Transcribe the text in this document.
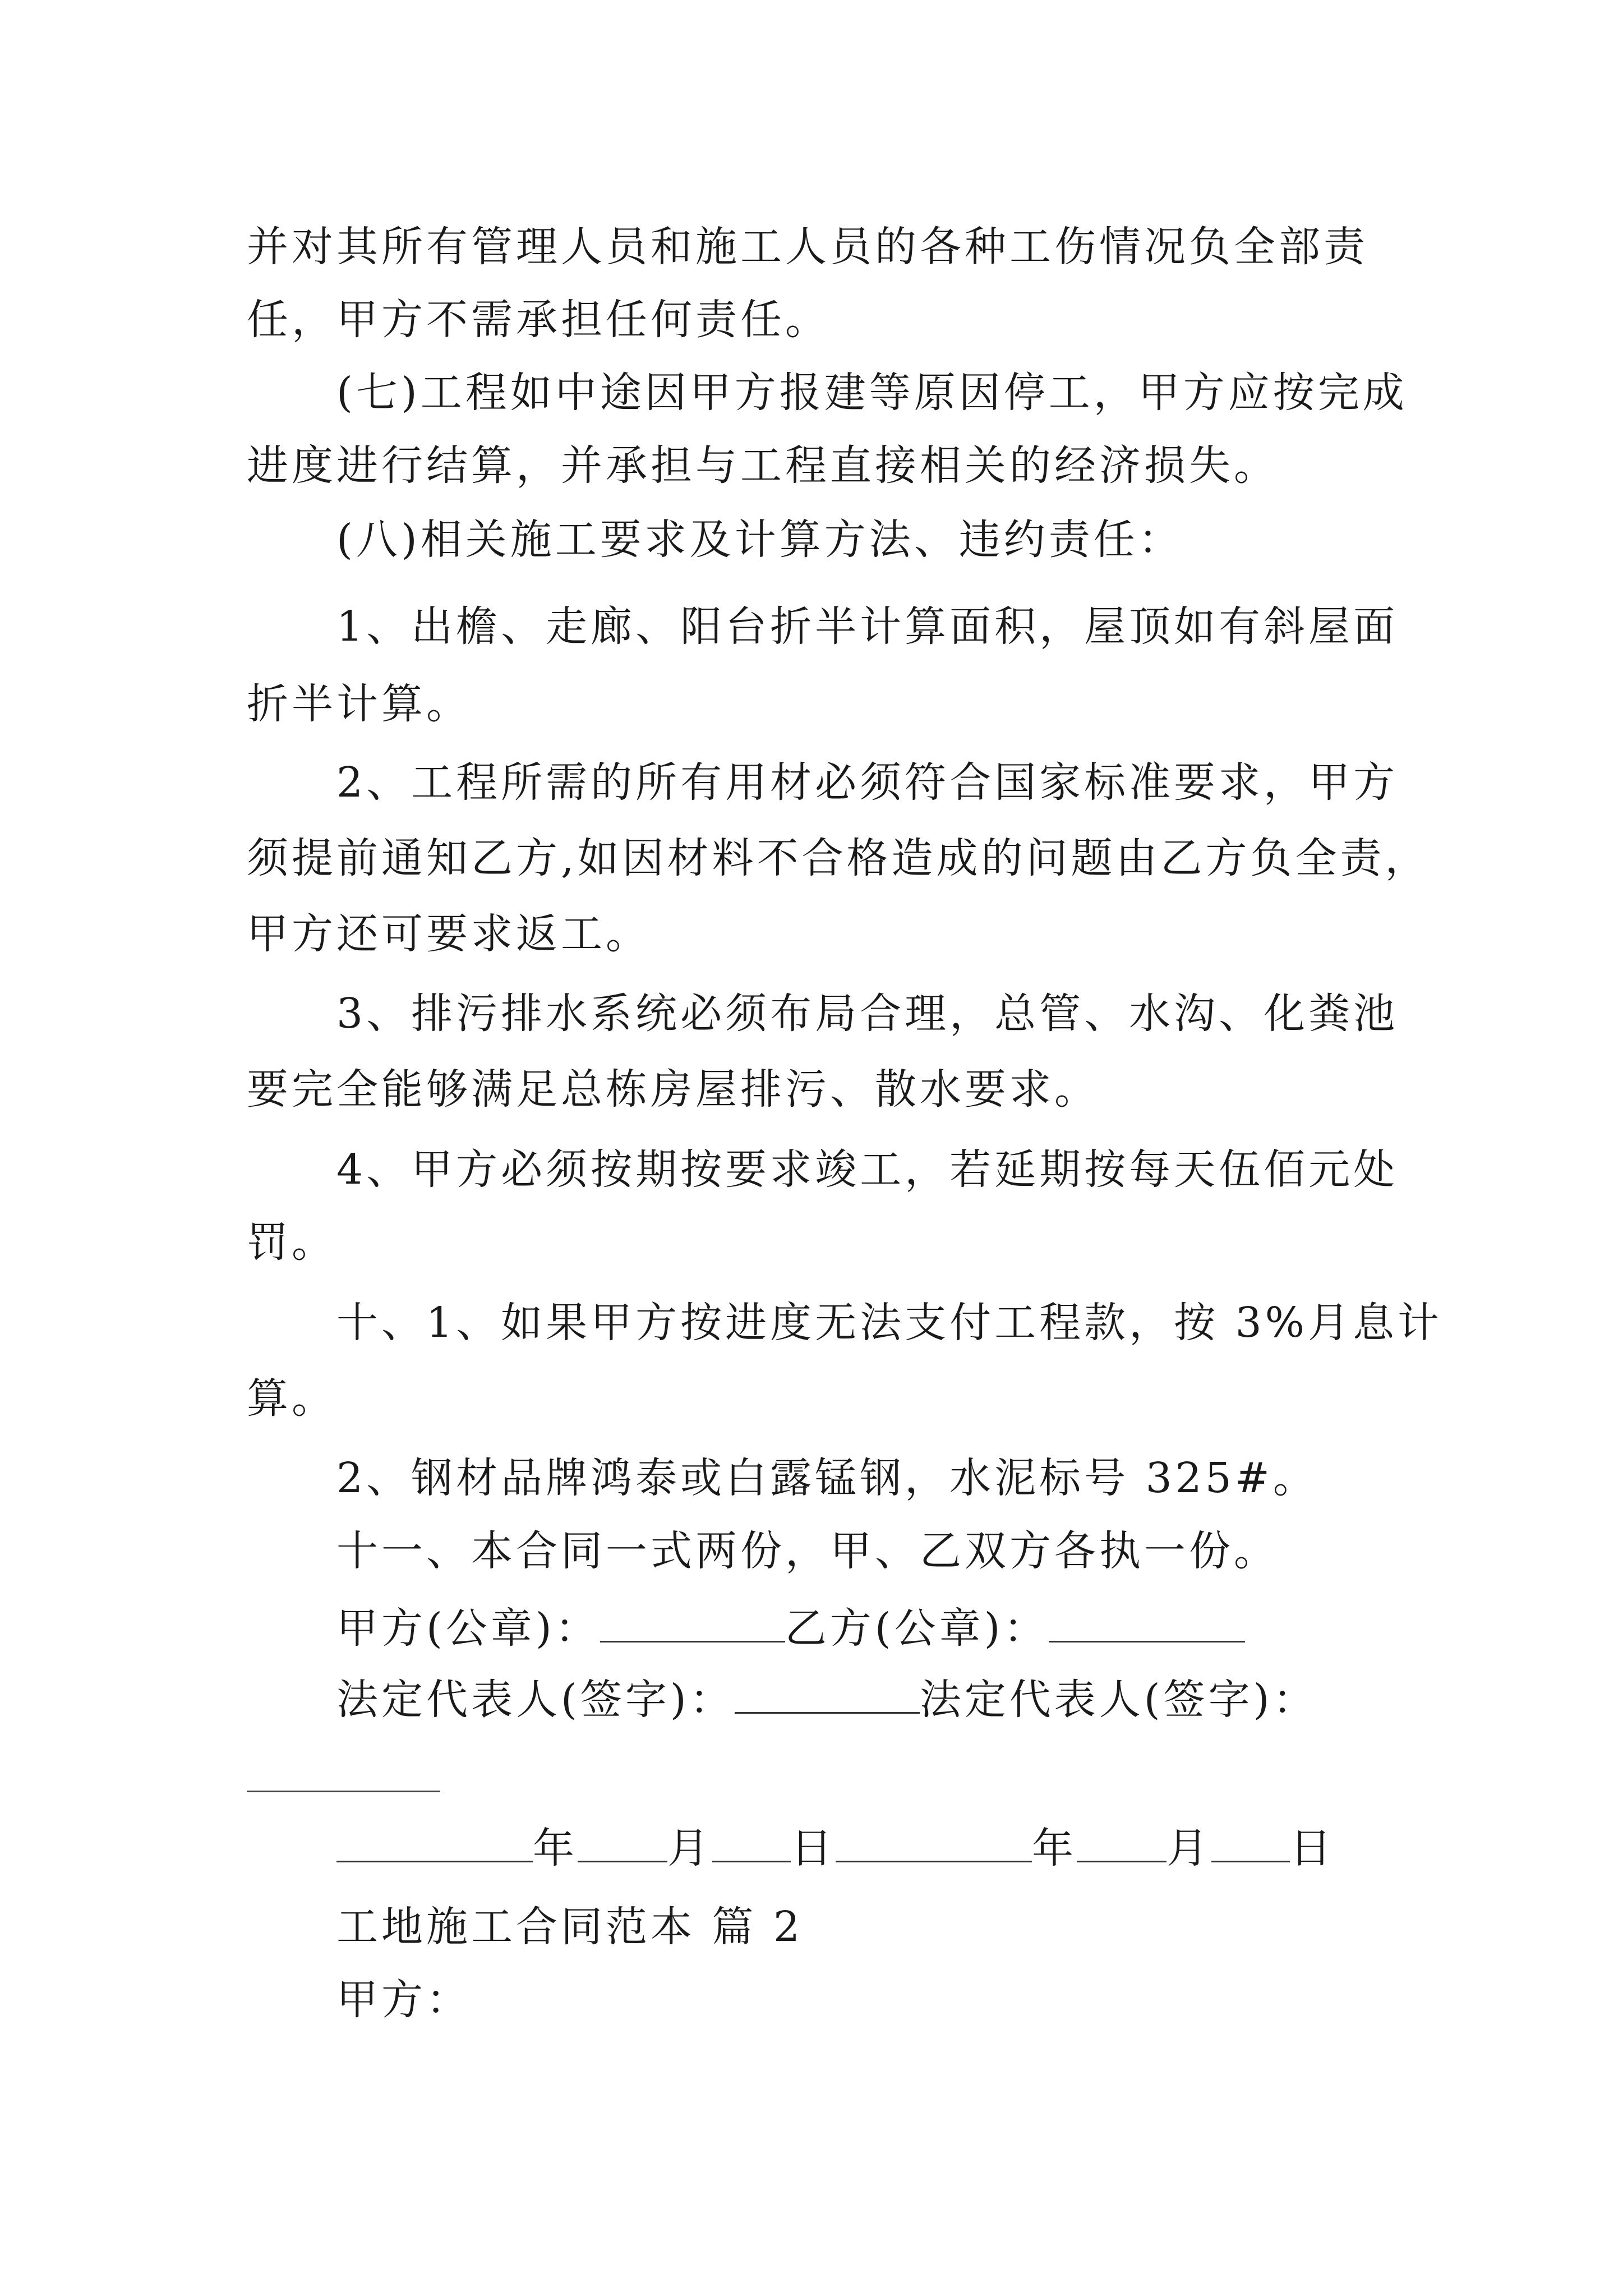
并对其所有管理人员和施工人员的各种工伤情况负全部责
任，甲方不需承担任何责任。
(七)工程如中途因甲方报建等原因停工，甲方应按完成
进度进行结算，并承担与工程直接相关的经济损失。
(八)相关施工要求及计算方法、违约责任：
1、出檐、走廊、阳台折半计算面积，屋顶如有斜屋面
折半计算。
2、工程所需的所有用材必须符合国家标准要求，甲方
须提前通知乙方,如因材料不合格造成的问题由乙方负全责，
甲方还可要求返工。
3、排污排水系统必须布局合理，总管、水沟、化粪池
要完全能够满足总栋房屋排污、散水要求。
4、甲方必须按期按要求竣工，若延期按每天伍佰元处
罚。
十、1、如果甲方按进度无法支付工程款，按 3%月息计
算。
2、钢材品牌鸿泰或白露锰钢，水泥标号 325#。
十一、本合同一式两份，甲、乙双方各执一份。
甲方(公章)：	乙方(公章)：
法定代表人(签字)：	法定代表人(签字)：
年 月 日	年 月 日
工地施工合同范本 篇 2
甲方：
